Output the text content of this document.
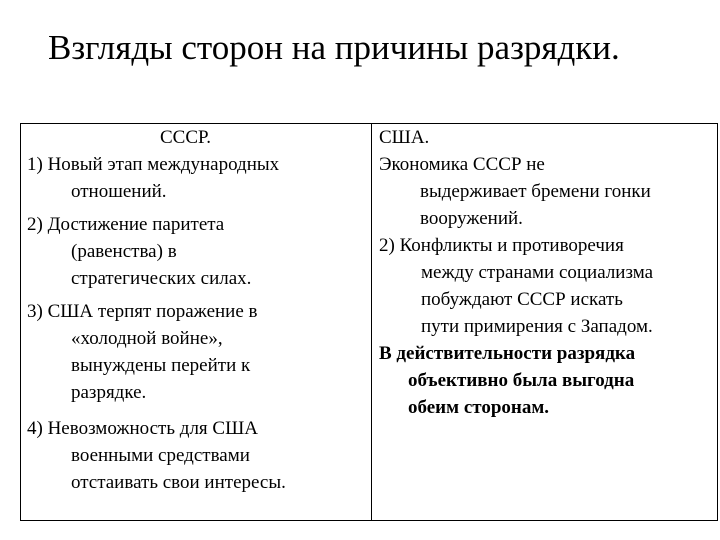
Взгляды сторон на причины разрядки.
СССР.
1) Новый этап международных
отношений.
2) Достижение паритета
(равенства) в
стратегических силах.
3) США терпят поражение в
«холодной войне»,
вынуждены перейти к
разрядке.
4) Невозможность для США
военными средствами
отстаивать свои интересы.
США.
Экономика СССР не
выдерживает бремени гонки
вооружений.
2) Конфликты и противоречия
между странами социализма
побуждают СССР искать
пути примирения с Западом.
В действительности разрядка
объективно была выгодна
обеим сторонам.
